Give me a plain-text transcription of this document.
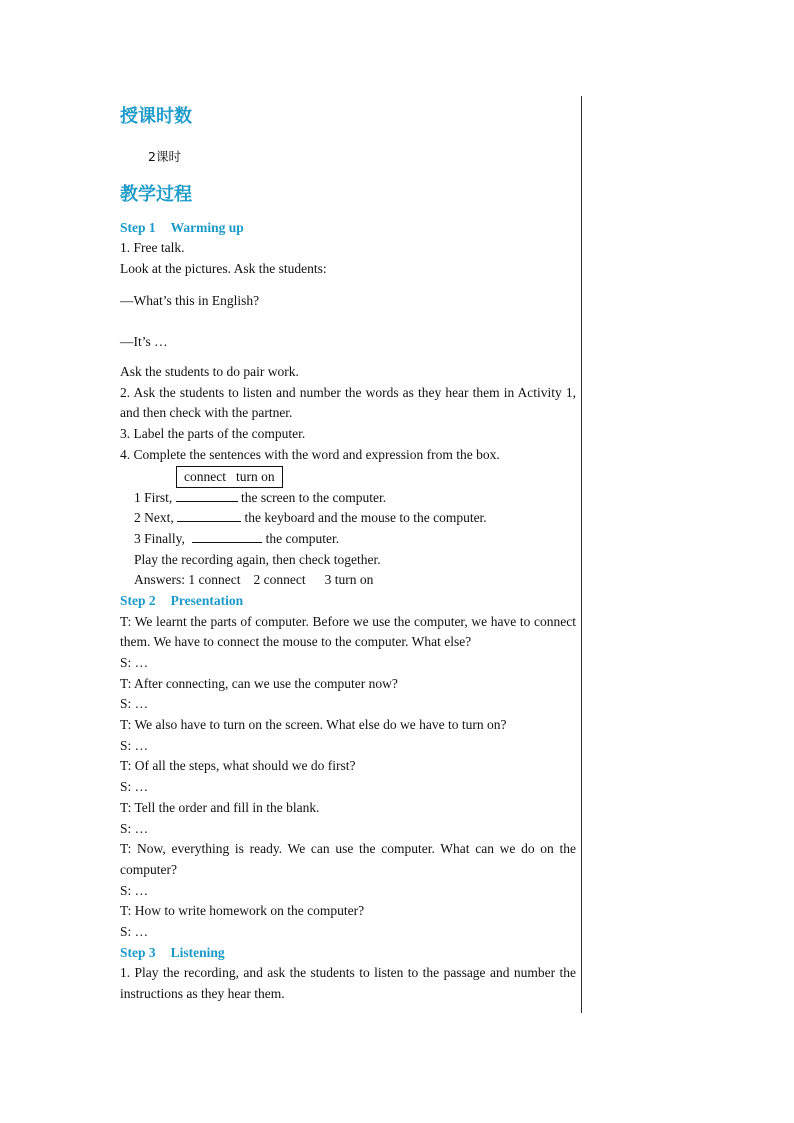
授课时数
2课时
教学过程
Step 1 Warming up
1. Free talk.
Look at the pictures. Ask the students:
—What’s this in English?
—It’s …
Ask the students to do pair work.
2. Ask the students to listen and number the words as they hear them in Activity 1, and then check with the partner.
3. Label the parts of the computer.
4. Complete the sentences with the word and expression from the box.
connect turn on
1 First,	the screen to the computer.
2 Next,	the keyboard and the mouse to the computer.
3 Finally,	the computer.
Play the recording again, then check together.
Answers: 1 connect 2 connect 3 turn on
Step 2 Presentation
T: We learnt the parts of computer. Before we use the computer, we have to connect them. We have to connect the mouse to the computer. What else?
S: …
T: After connecting, can we use the computer now?
S: …
T: We also have to turn on the screen. What else do we have to turn on?
S: …
T: Of all the steps, what should we do first?
S: …
T: Tell the order and fill in the blank.
S: …
T: Now, everything is ready. We can use the computer. What can we do on the computer?
S: …
T: How to write homework on the computer?
S: …
Step 3 Listening
1. Play the recording, and ask the students to listen to the passage and number the instructions as they hear them.
